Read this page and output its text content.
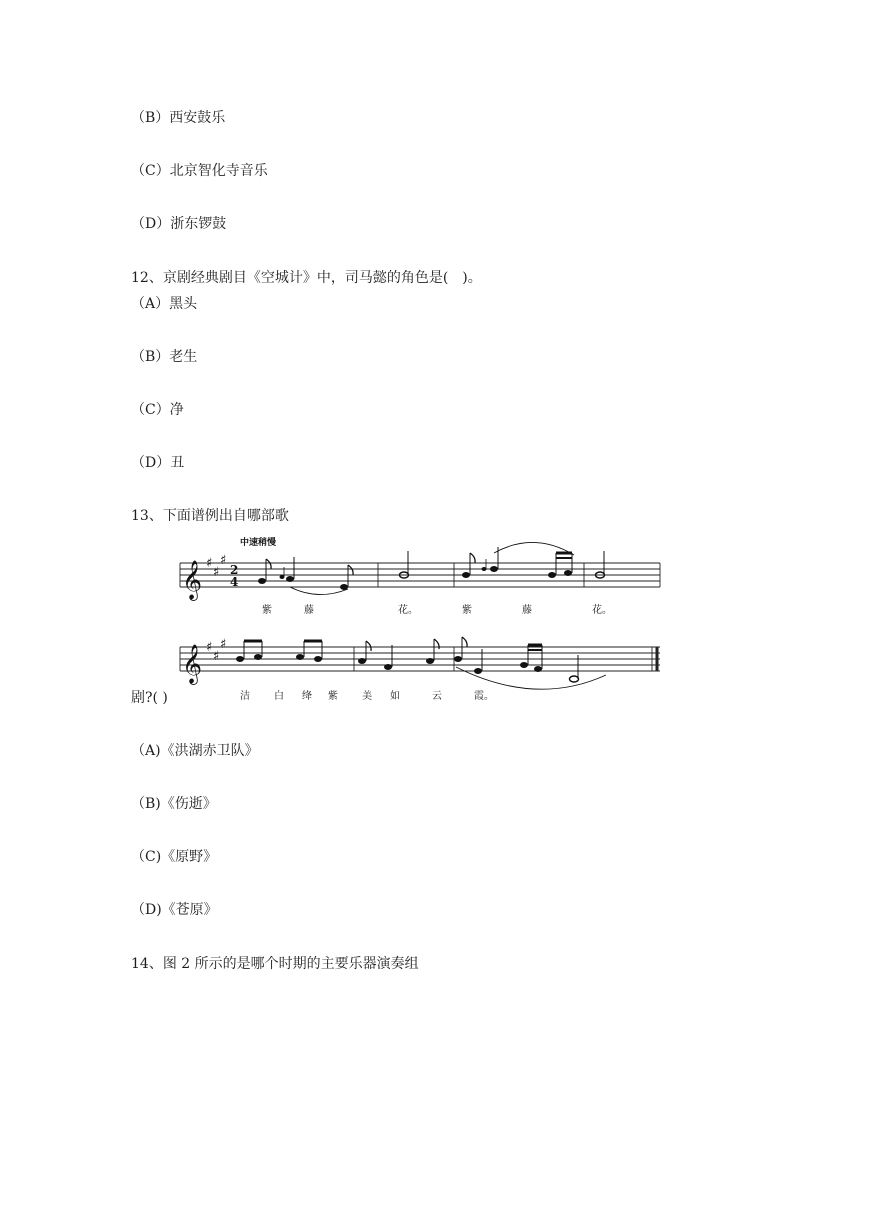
（B）西安鼓乐
（C）北京智化寺音乐
（D）浙东锣鼓
12、京剧经典剧目《空城计》中，司马懿的角色是(　)。
（A）黑头
（B）老生
（C）净
（D）丑
13、下面谱例出自哪部歌
中速稍慢
𝄞 ♯
♯
♯
2
4
紫	藤	花。	紫	藤	花。
𝄞 ♯
♯
♯
洁 白 绛 紫 美 如	云	霞。
剧?( )
（A)《洪湖赤卫队》
（B)《伤逝》
（C)《原野》
（D)《苍原》
14、图 2 所示的是哪个时期的主要乐器演奏组
